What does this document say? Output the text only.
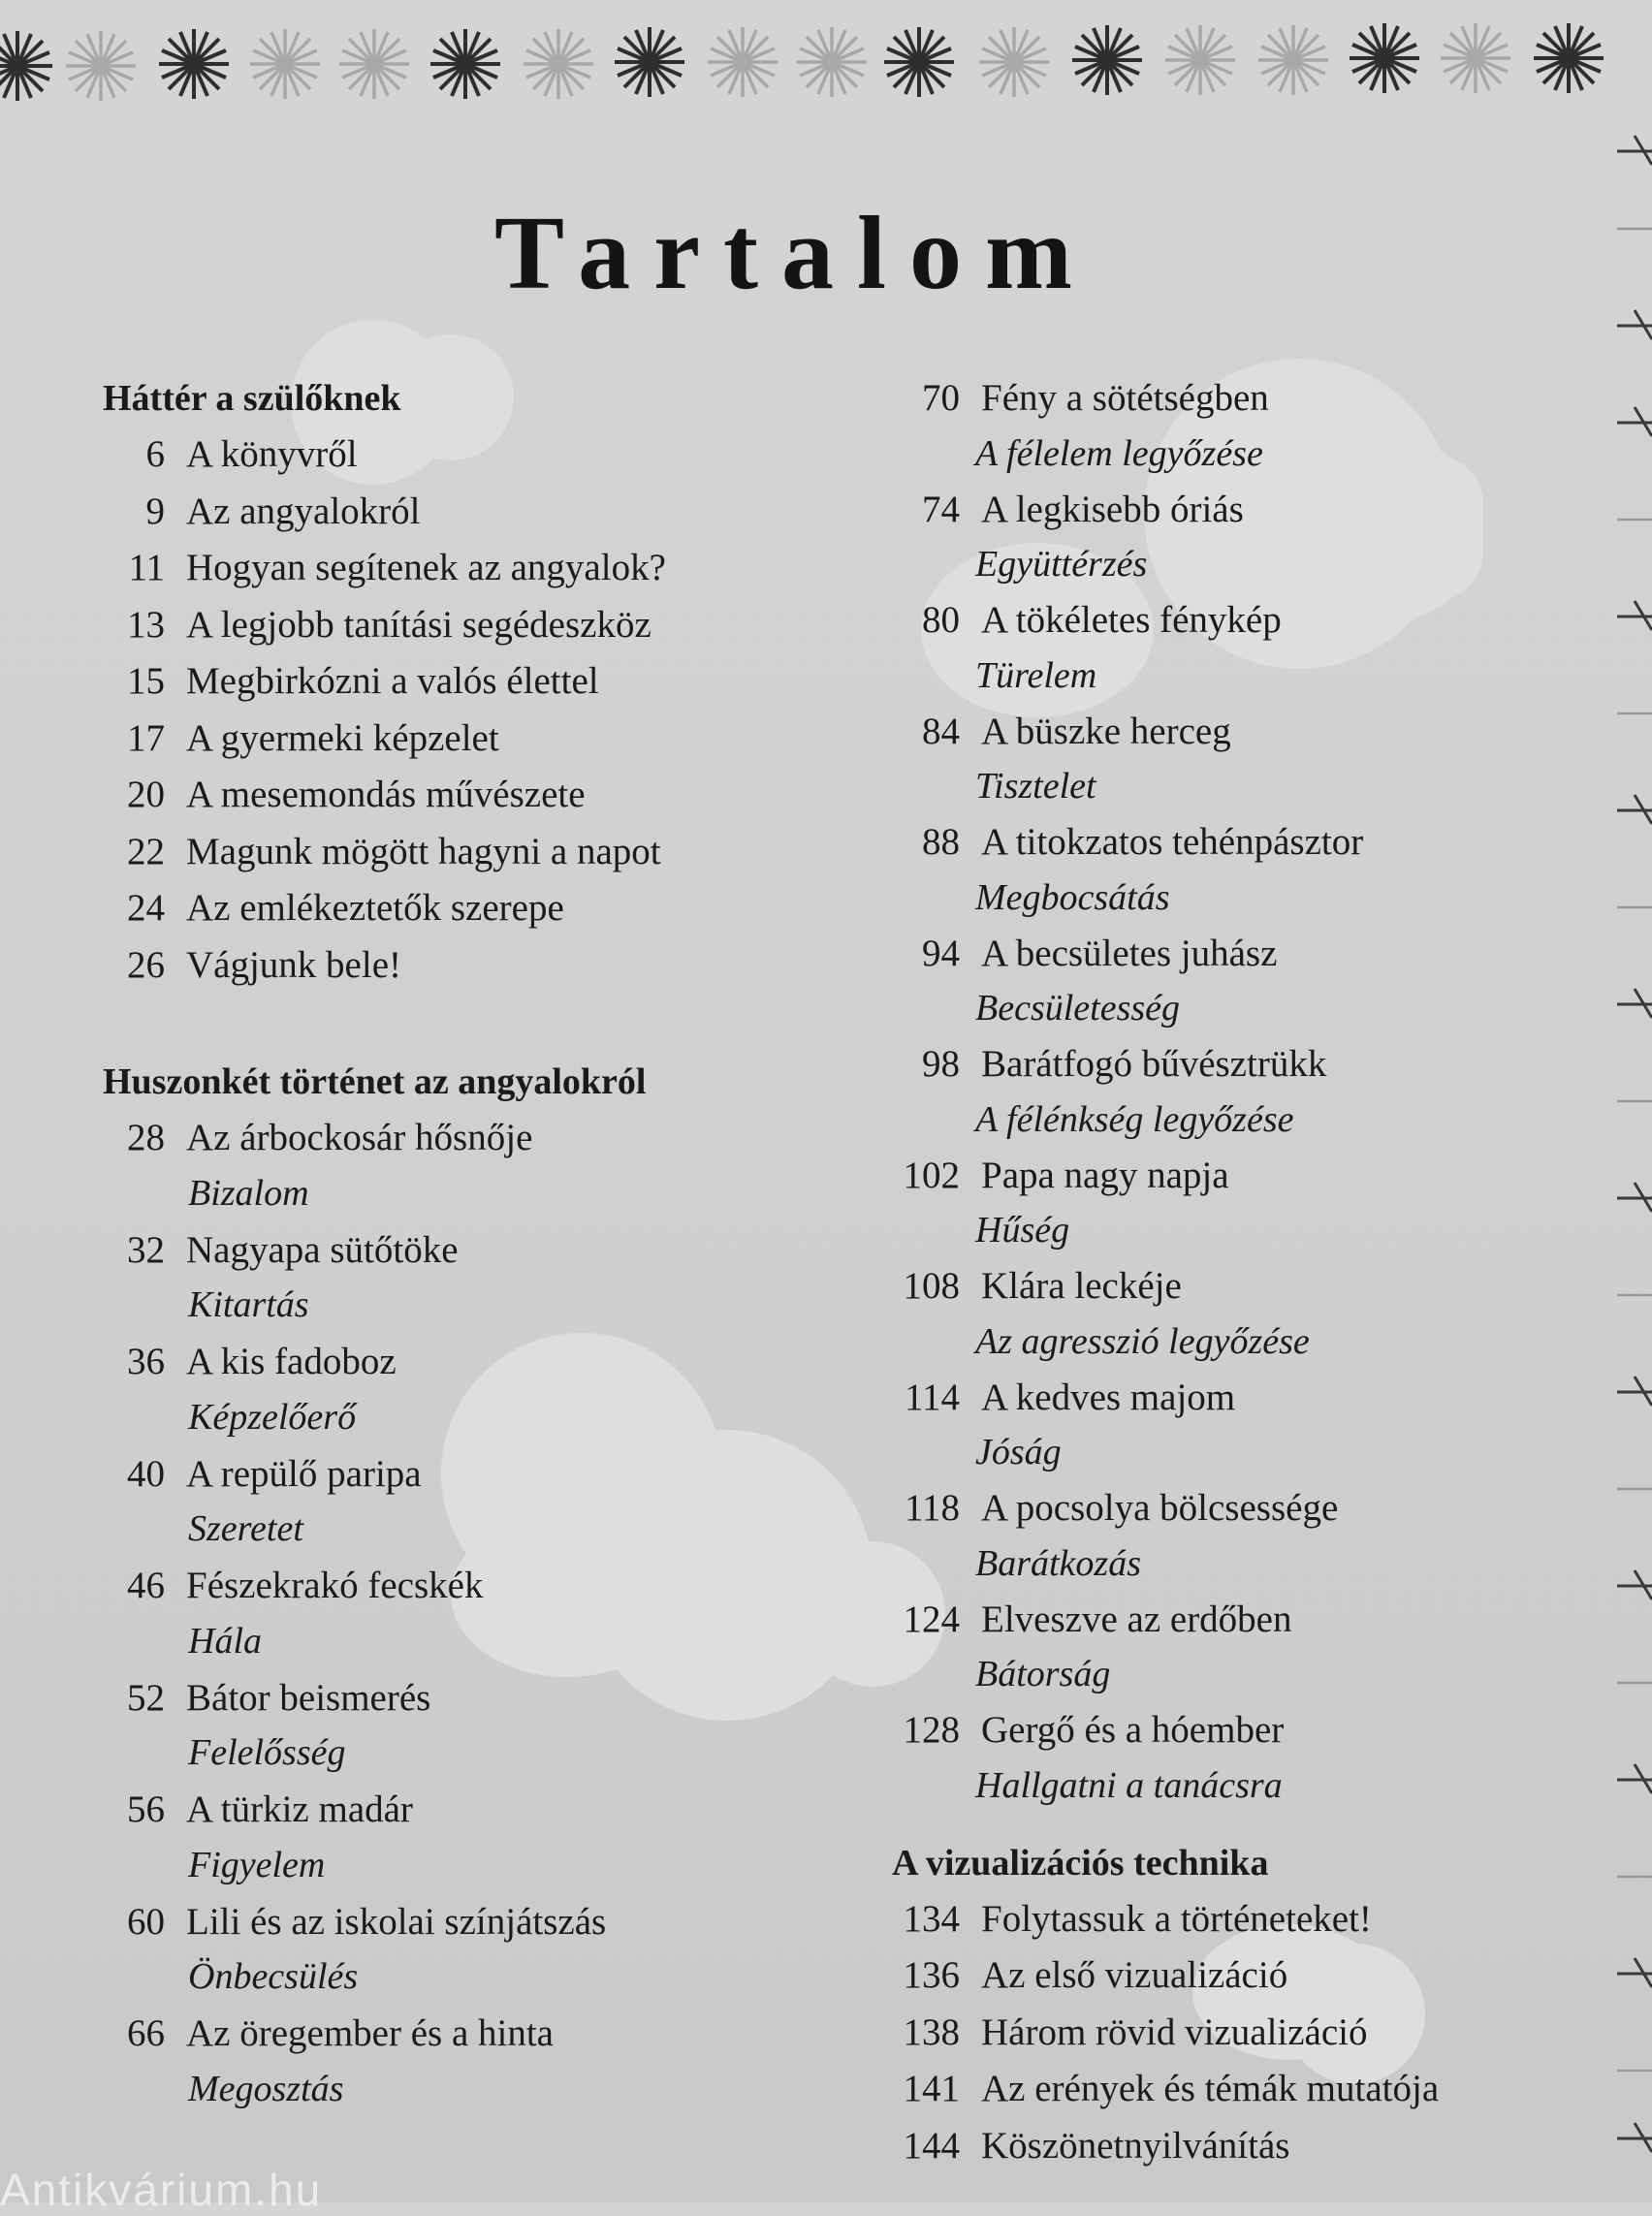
Tartalom
Háttér a szülőknek
6 A könyvről
9 Az angyalokról
11 Hogyan segítenek az angyalok?
13 A legjobb tanítási segédeszköz
15 Megbirkózni a valós élettel
17 A gyermeki képzelet
20 A mesemondás művészete
22 Magunk mögött hagyni a napot
24 Az emlékeztetők szerepe
26 Vágjunk bele!
Huszonkét történet az angyalokról
28 Az árbockosár hősnője
Bizalom
32 Nagyapa sütőtöke
Kitartás
36 A kis fadoboz
Képzelőerő
40 A repülő paripa
Szeretet
46 Fészekrakó fecskék
Hála
52 Bátor beismerés
Felelősség
56 A türkiz madár
Figyelem
60 Lili és az iskolai színjátszás
Önbecsülés
66 Az öregember és a hinta
Megosztás
70 Fény a sötétségben
A félelem legyőzése
74 A legkisebb óriás
Együttérzés
80 A tökéletes fénykép
Türelem
84 A büszke herceg
Tisztelet
88 A titokzatos tehénpásztor
Megbocsátás
94 A becsületes juhász
Becsületesség
98 Barátfogó bűvésztrükk
A félénkség legyőzése
102 Papa nagy napja
Hűség
108 Klára leckéje
Az agresszió legyőzése
114 A kedves majom
Jóság
118 A pocsolya bölcsessége
Barátkozás
124 Elveszve az erdőben
Bátorság
128 Gergő és a hóember
Hallgatni a tanácsra
A vizualizációs technika
134 Folytassuk a történeteket!
136 Az első vizualizáció
138 Három rövid vizualizáció
141 Az erények és témák mutatója
144 Köszönetnyilvánítás
Antikvárium.hu
